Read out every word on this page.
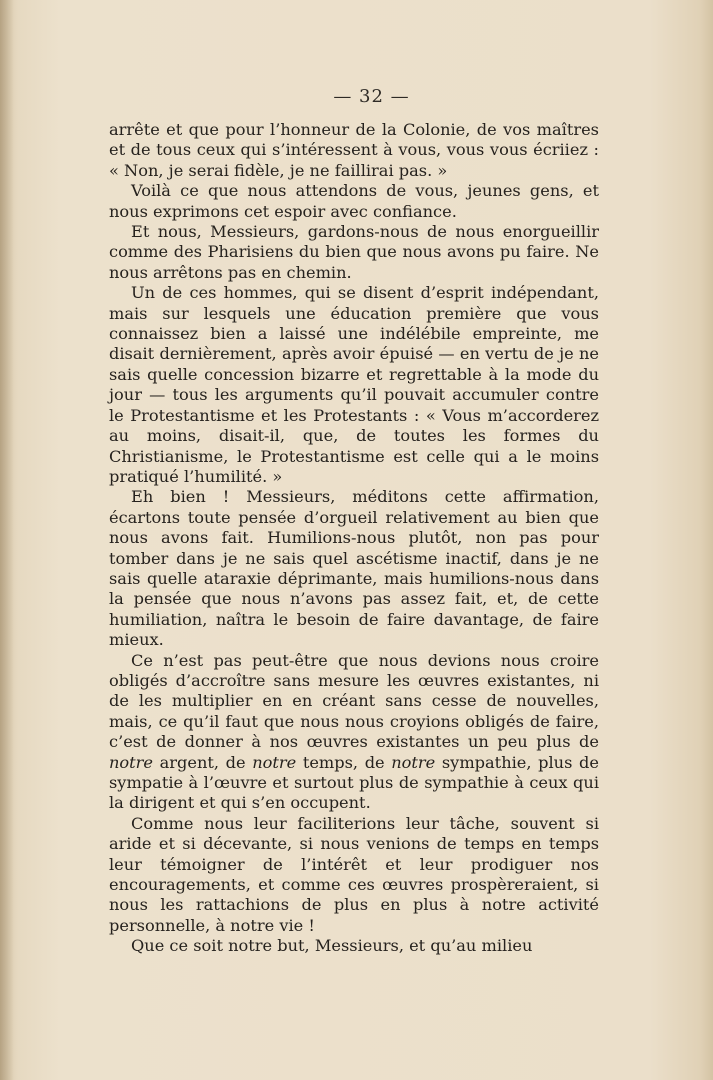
— 32 —

arrête et que pour l’honneur de la Colonie, de vos maîtres et de tous ceux qui s’intéressent à vous, vous vous écriiez : « Non, je serai fidèle, je ne faillirai pas. »

Voilà ce que nous attendons de vous, jeunes gens, et nous exprimons cet espoir avec confiance.

Et nous, Messieurs, gardons-nous de nous enorgueillir comme des Pharisiens du bien que nous avons pu faire. Ne nous arrêtons pas en chemin.

Un de ces hommes, qui se disent d’esprit indépendant, mais sur lesquels une éducation première que vous connaissez bien a laissé une indélébile empreinte, me disait dernièrement, après avoir épuisé — en vertu de je ne sais quelle concession bizarre et regrettable à la mode du jour — tous les arguments qu’il pouvait accumuler contre le Protestantisme et les Protestants : « Vous m’accorderez au moins, disait-il, que, de toutes les formes du Christianisme, le Protestantisme est celle qui a le moins pratiqué l’humilité. »

Eh bien ! Messieurs, méditons cette affirmation, écartons toute pensée d’orgueil relativement au bien que nous avons fait. Humilions-nous plutôt, non pas pour tomber dans je ne sais quel ascétisme inactif, dans je ne sais quelle ataraxie déprimante, mais humilions-nous dans la pensée que nous n’avons pas assez fait, et, de cette humiliation, naîtra le besoin de faire davantage, de faire mieux.

Ce n’est pas peut-être que nous devions nous croire obligés d’accroître sans mesure les œuvres existantes, ni de les multiplier en en créant sans cesse de nouvelles, mais, ce qu’il faut que nous nous croyions obligés de faire, c’est de donner à nos œuvres existantes un peu plus de notre argent, de notre temps, de notre sympathie, plus de sympatie à l’œuvre et surtout plus de sympathie à ceux qui la dirigent et qui s’en occupent.

Comme nous leur faciliterions leur tâche, souvent si aride et si décevante, si nous venions de temps en temps leur témoigner de l’intérêt et leur prodiguer nos encouragements, et comme ces œuvres prospèreraient, si nous les rattachions de plus en plus à notre activité personnelle, à notre vie !

Que ce soit notre but, Messieurs, et qu’au milieu
